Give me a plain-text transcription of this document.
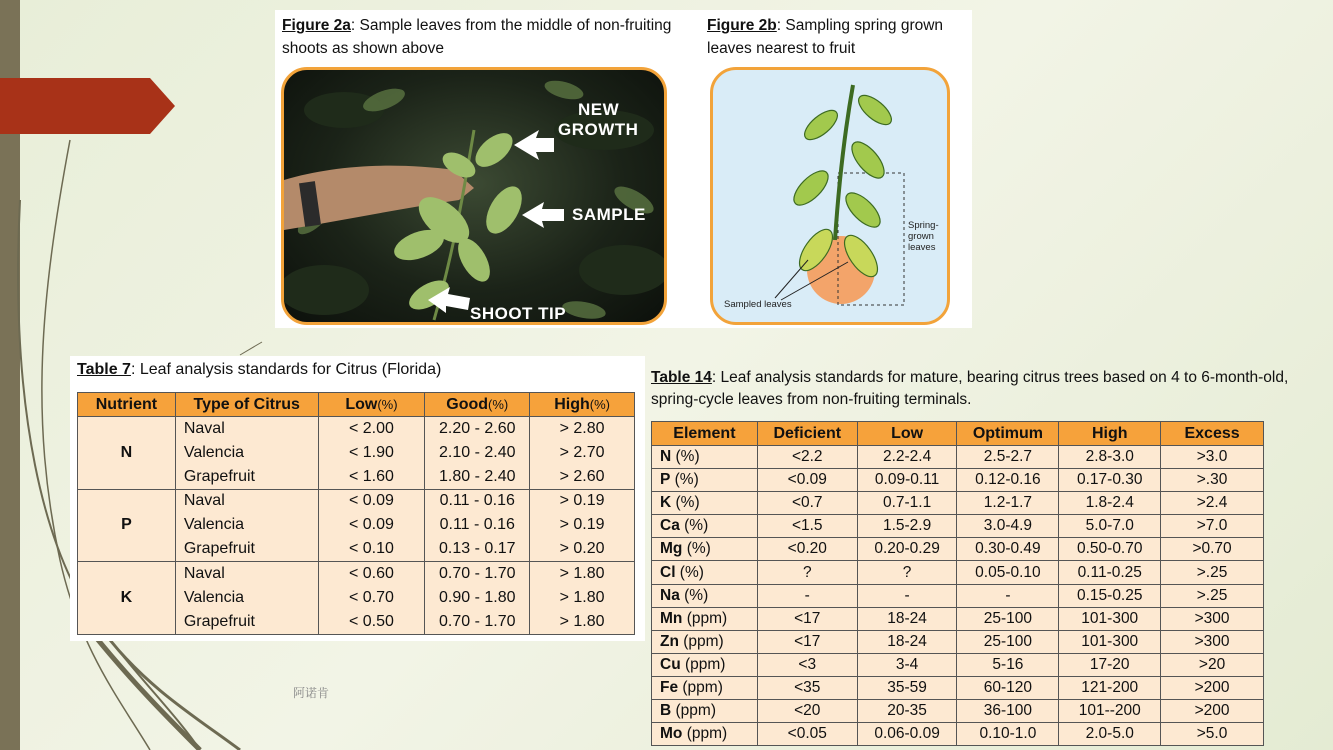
Figure 2a: Sample leaves from the middle of non-fruiting shoots as shown above
Figure 2b: Sampling spring grown leaves nearest to fruit
NEW
GROWTH
SAMPLE
SHOOT TIP
Spring-
grown
leaves
Sampled leaves
Table 7: Leaf analysis standards for Citrus (Florida)
Nutrient	Type of Citrus	Low(%)	Good(%)	High(%)
N	Naval	< 2.00	2.20 - 2.60	> 2.80
	Valencia	< 1.90	2.10 - 2.40	> 2.70
	Grapefruit	< 1.60	1.80 - 2.40	> 2.60
P	Naval	< 0.09	0.11 - 0.16	> 0.19
	Valencia	< 0.09	0.11 - 0.16	> 0.19
	Grapefruit	< 0.10	0.13 - 0.17	> 0.20
K	Naval	< 0.60	0.70 - 1.70	> 1.80
	Valencia	< 0.70	0.90 - 1.80	> 1.80
	Grapefruit	< 0.50	0.70 - 1.70	> 1.80
Table 14: Leaf analysis standards for mature, bearing citrus trees based on 4 to 6-month-old, spring-cycle leaves from non-fruiting terminals.
Element	Deficient	Low	Optimum	High	Excess
N (%)	<2.2	2.2-2.4	2.5-2.7	2.8-3.0	>3.0
P (%)	<0.09	0.09-0.11	0.12-0.16	0.17-0.30	>.30
K (%)	<0.7	0.7-1.1	1.2-1.7	1.8-2.4	>2.4
Ca (%)	<1.5	1.5-2.9	3.0-4.9	5.0-7.0	>7.0
Mg (%)	<0.20	0.20-0.29	0.30-0.49	0.50-0.70	>0.70
Cl (%)	?	?	0.05-0.10	0.11-0.25	>.25
Na (%)	-	-	-	0.15-0.25	>.25
Mn (ppm)	<17	18-24	25-100	101-300	>300
Zn (ppm)	<17	18-24	25-100	101-300	>300
Cu (ppm)	<3	3-4	5-16	17-20	>20
Fe (ppm)	<35	35-59	60-120	121-200	>200
B (ppm)	<20	20-35	36-100	101--200	>200
Mo (ppm)	<0.05	0.06-0.09	0.10-1.0	2.0-5.0	>5.0
阿诺肯
